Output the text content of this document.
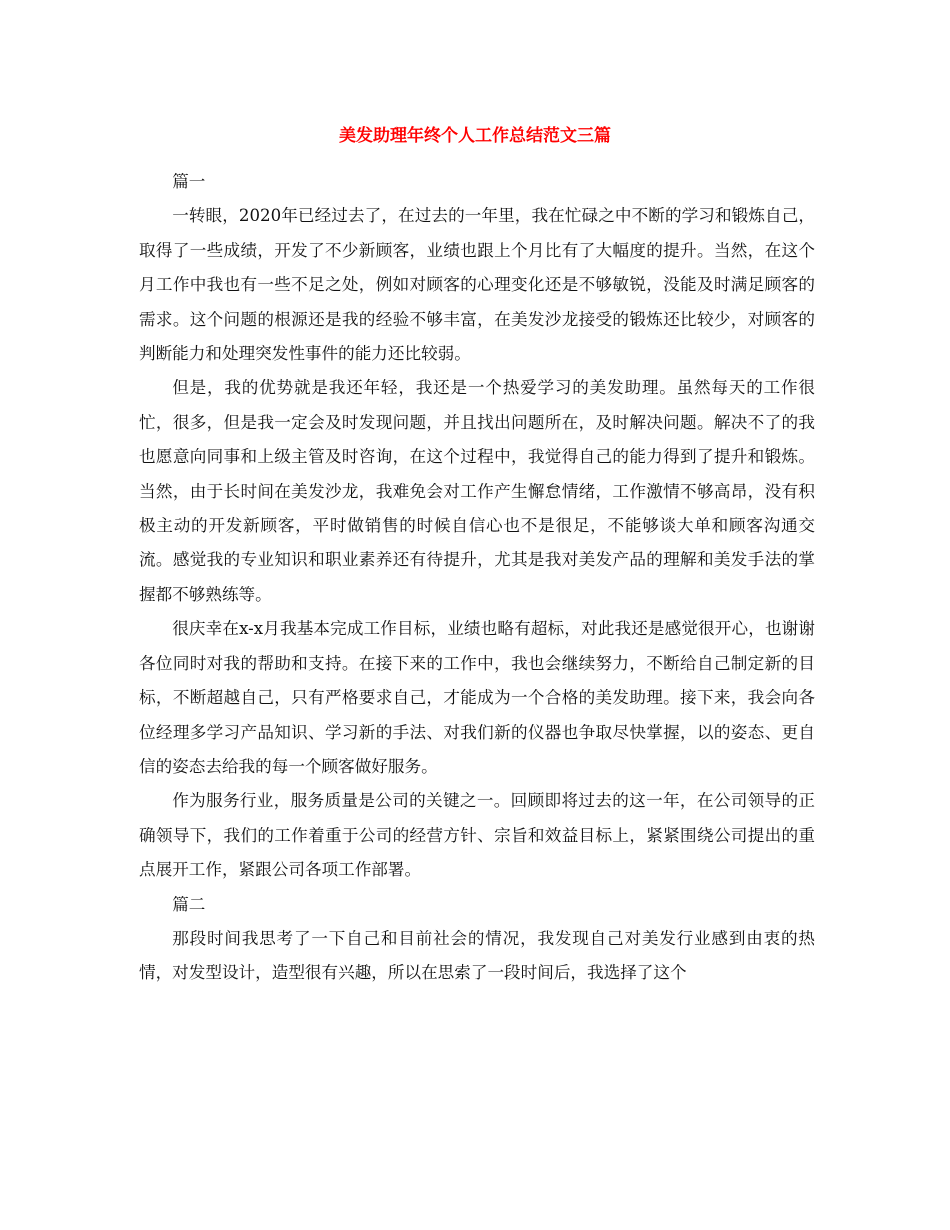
美发助理年终个人工作总结范文三篇

篇一

一转眼，2020年已经过去了，在过去的一年里，我在忙碌之中不断的学习和锻炼自己，取得了一些成绩，开发了不少新顾客，业绩也跟上个月比有了大幅度的提升。当然，在这个月工作中我也有一些不足之处，例如对顾客的心理变化还是不够敏锐，没能及时满足顾客的需求。这个问题的根源还是我的经验不够丰富，在美发沙龙接受的锻炼还比较少，对顾客的判断能力和处理突发性事件的能力还比较弱。

但是，我的优势就是我还年轻，我还是一个热爱学习的美发助理。虽然每天的工作很忙，很多，但是我一定会及时发现问题，并且找出问题所在，及时解决问题。解决不了的我也愿意向同事和上级主管及时咨询，在这个过程中，我觉得自己的能力得到了提升和锻炼。当然，由于长时间在美发沙龙，我难免会对工作产生懈怠情绪，工作激情不够高昂，没有积极主动的开发新顾客，平时做销售的时候自信心也不是很足，不能够谈大单和顾客沟通交流。感觉我的专业知识和职业素养还有待提升，尤其是我对美发产品的理解和美发手法的掌握都不够熟练等。

很庆幸在x-x月我基本完成工作目标，业绩也略有超标，对此我还是感觉很开心，也谢谢各位同时对我的帮助和支持。在接下来的工作中，我也会继续努力，不断给自己制定新的目标，不断超越自己，只有严格要求自己，才能成为一个合格的美发助理。接下来，我会向各位经理多学习产品知识、学习新的手法、对我们新的仪器也争取尽快掌握，以的姿态、更自信的姿态去给我的每一个顾客做好服务。

作为服务行业，服务质量是公司的关键之一。回顾即将过去的这一年，在公司领导的正确领导下，我们的工作着重于公司的经营方针、宗旨和效益目标上，紧紧围绕公司提出的重点展开工作，紧跟公司各项工作部署。

篇二

那段时间我思考了一下自己和目前社会的情况，我发现自己对美发行业感到由衷的热情，对发型设计，造型很有兴趣，所以在思索了一段时间后，我选择了这个
